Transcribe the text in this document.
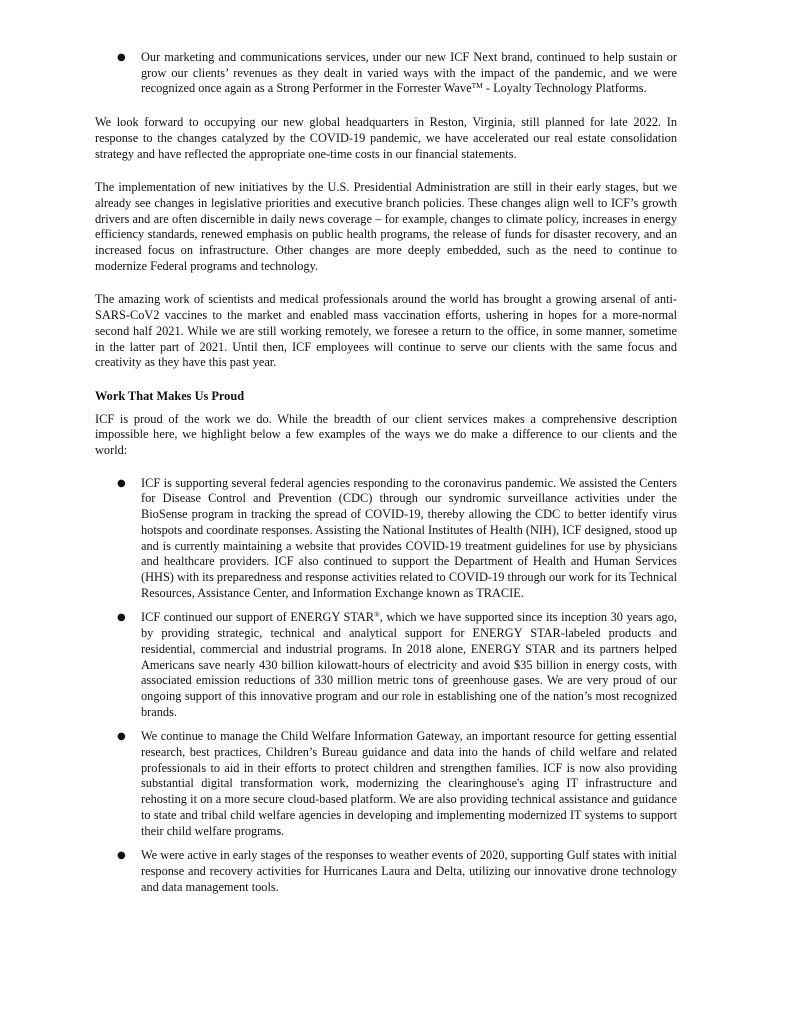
● Our marketing and communications services, under our new ICF Next brand, continued to help sustain or grow our clients’ revenues as they dealt in varied ways with the impact of the pandemic, and we were recognized once again as a Strong Performer in the Forrester Wave™ - Loyalty Technology Platforms.

We look forward to occupying our new global headquarters in Reston, Virginia, still planned for late 2022. In response to the changes catalyzed by the COVID-19 pandemic, we have accelerated our real estate consolidation strategy and have reflected the appropriate one-time costs in our financial statements.

The implementation of new initiatives by the U.S. Presidential Administration are still in their early stages, but we already see changes in legislative priorities and executive branch policies. These changes align well to ICF’s growth drivers and are often discernible in daily news coverage – for example, changes to climate policy, increases in energy efficiency standards, renewed emphasis on public health programs, the release of funds for disaster recovery, and an increased focus on infrastructure. Other changes are more deeply embedded, such as the need to continue to modernize Federal programs and technology.

The amazing work of scientists and medical professionals around the world has brought a growing arsenal of anti-SARS-CoV2 vaccines to the market and enabled mass vaccination efforts, ushering in hopes for a more-normal second half 2021. While we are still working remotely, we foresee a return to the office, in some manner, sometime in the latter part of 2021. Until then, ICF employees will continue to serve our clients with the same focus and creativity as they have this past year.

Work That Makes Us Proud

ICF is proud of the work we do. While the breadth of our client services makes a comprehensive description impossible here, we highlight below a few examples of the ways we do make a difference to our clients and the world:

● ICF is supporting several federal agencies responding to the coronavirus pandemic. We assisted the Centers for Disease Control and Prevention (CDC) through our syndromic surveillance activities under the BioSense program in tracking the spread of COVID-19, thereby allowing the CDC to better identify virus hotspots and coordinate responses. Assisting the National Institutes of Health (NIH), ICF designed, stood up and is currently maintaining a website that provides COVID-19 treatment guidelines for use by physicians and healthcare providers. ICF also continued to support the Department of Health and Human Services (HHS) with its preparedness and response activities related to COVID-19 through our work for its Technical Resources, Assistance Center, and Information Exchange known as TRACIE.
● ICF continued our support of ENERGY STAR®, which we have supported since its inception 30 years ago, by providing strategic, technical and analytical support for ENERGY STAR-labeled products and residential, commercial and industrial programs. In 2018 alone, ENERGY STAR and its partners helped Americans save nearly 430 billion kilowatt-hours of electricity and avoid $35 billion in energy costs, with associated emission reductions of 330 million metric tons of greenhouse gases. We are very proud of our ongoing support of this innovative program and our role in establishing one of the nation’s most recognized brands.
● We continue to manage the Child Welfare Information Gateway, an important resource for getting essential research, best practices, Children’s Bureau guidance and data into the hands of child welfare and related professionals to aid in their efforts to protect children and strengthen families. ICF is now also providing substantial digital transformation work, modernizing the clearinghouse's aging IT infrastructure and rehosting it on a more secure cloud-based platform. We are also providing technical assistance and guidance to state and tribal child welfare agencies in developing and implementing modernized IT systems to support their child welfare programs.
● We were active in early stages of the responses to weather events of 2020, supporting Gulf states with initial response and recovery activities for Hurricanes Laura and Delta, utilizing our innovative drone technology and data management tools.
